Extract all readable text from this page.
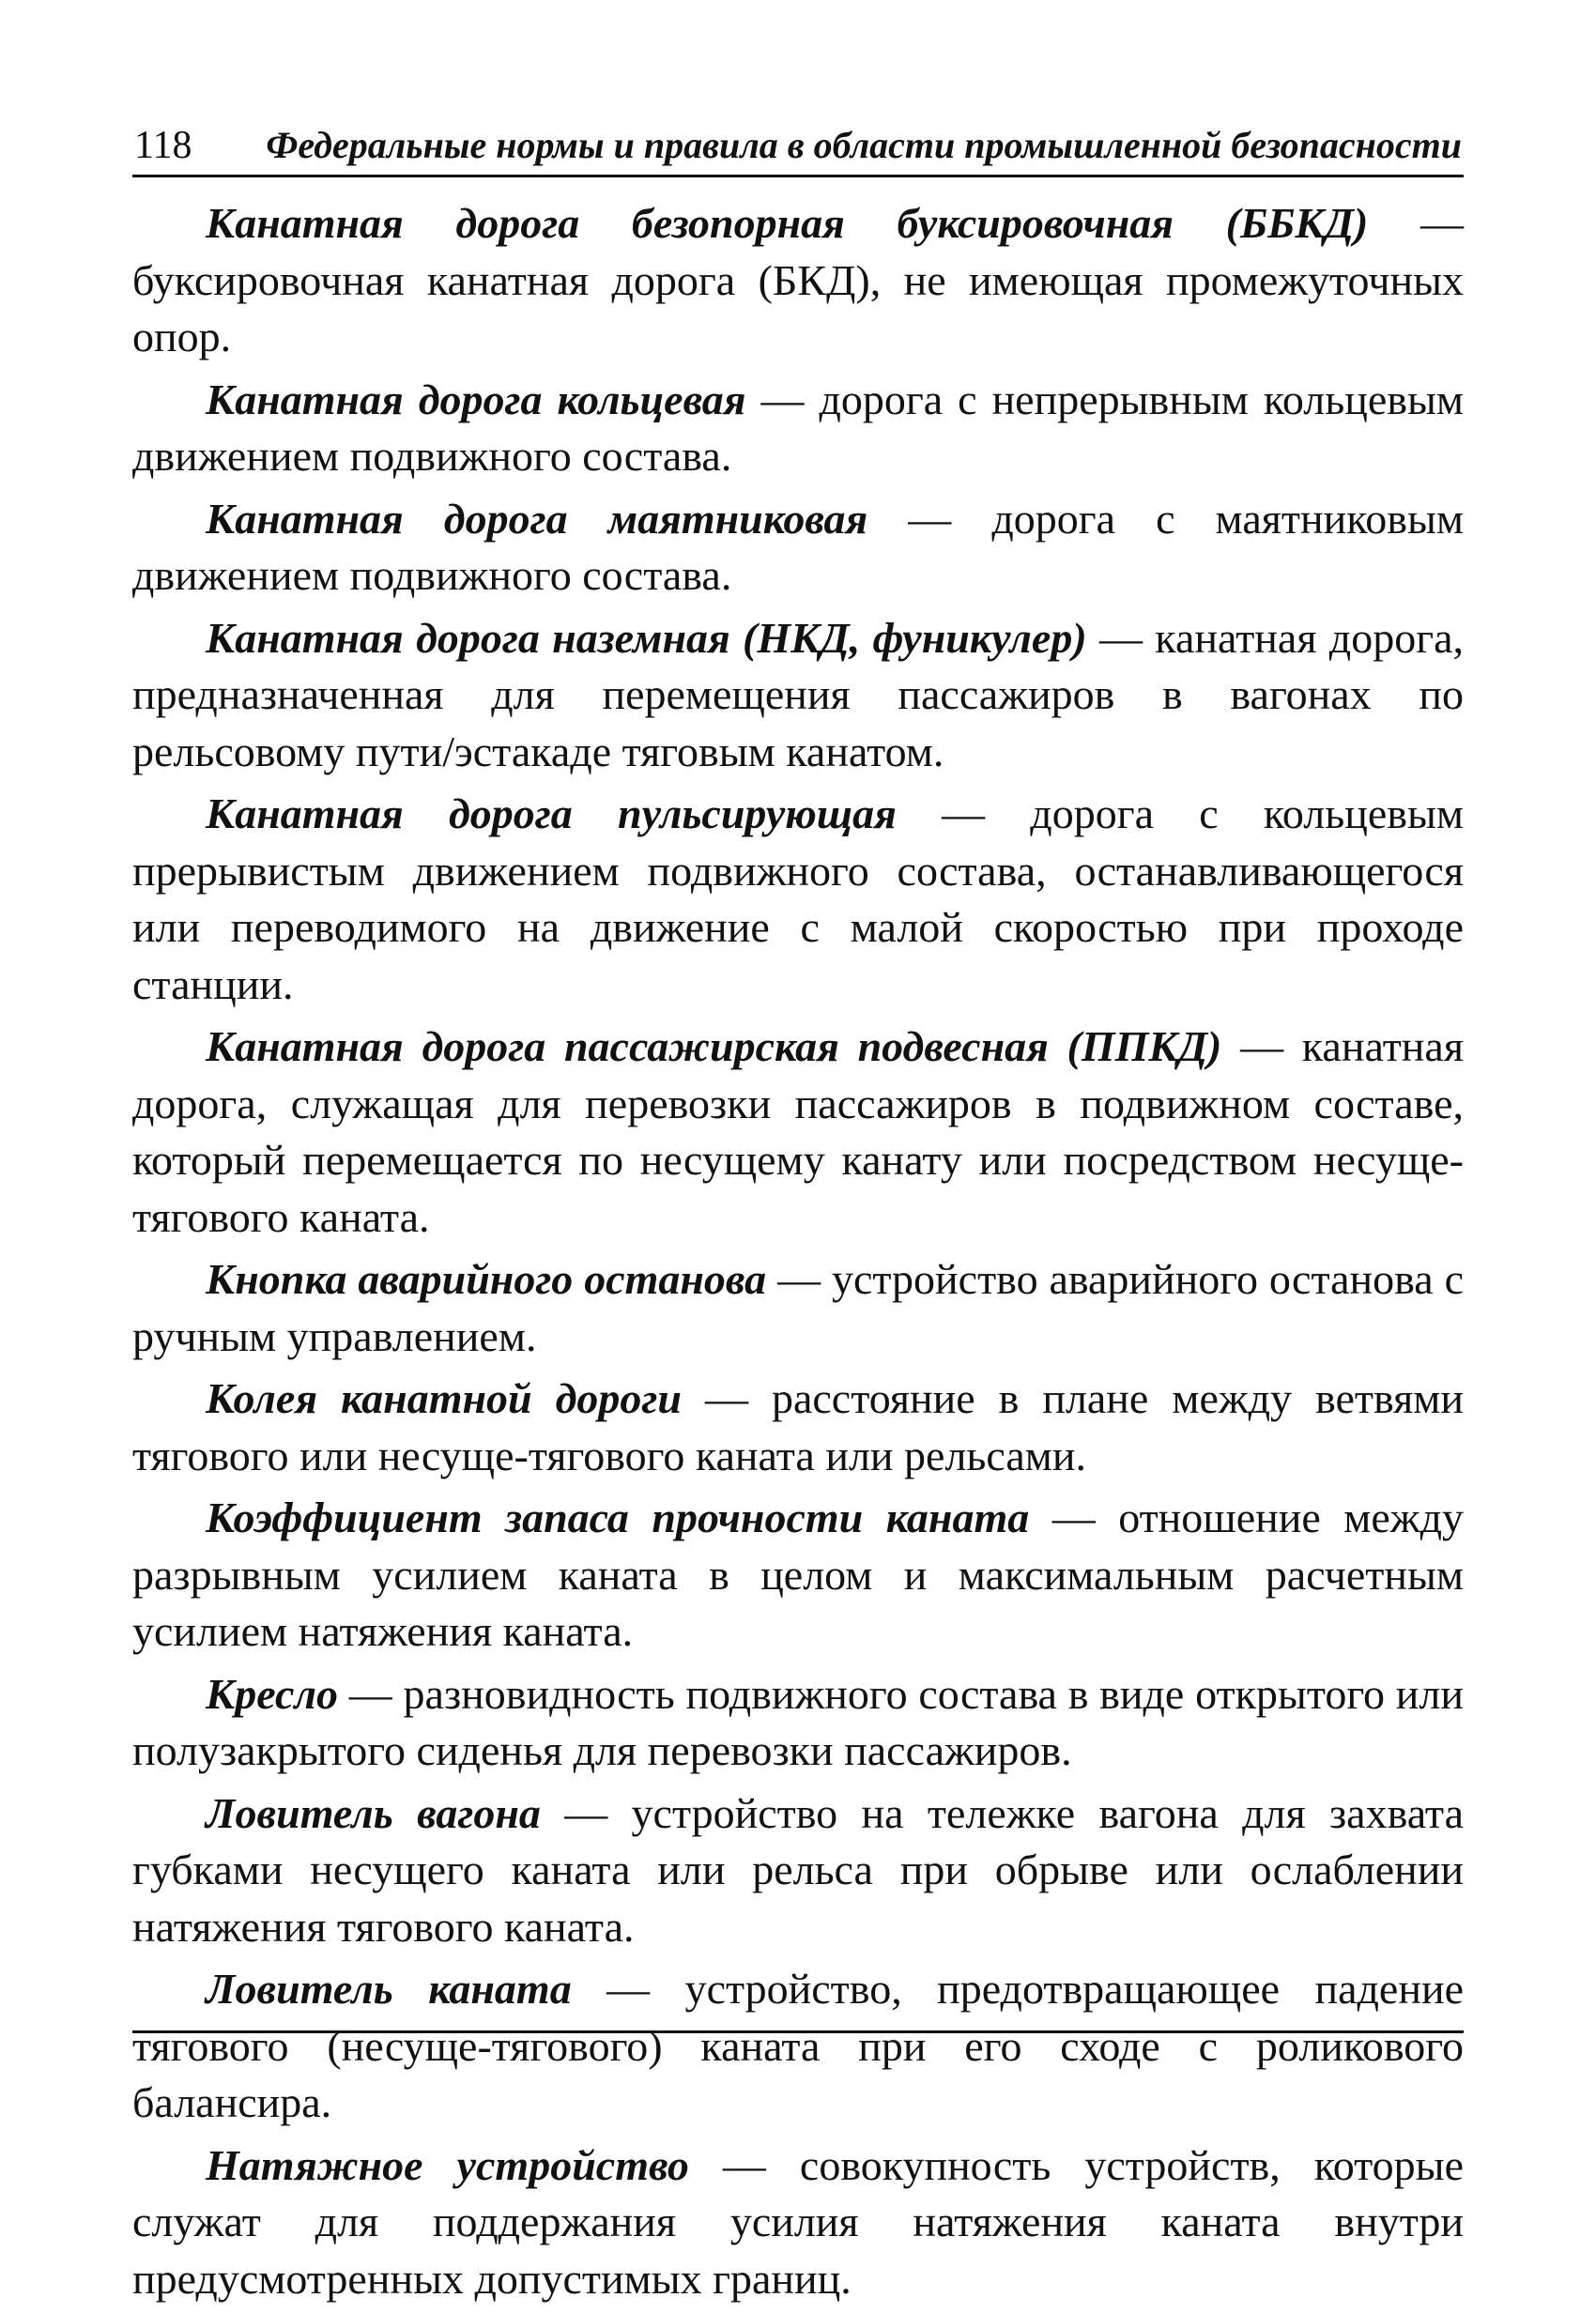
118 Федеральные нормы и правила в области промышленной безопасности

Канатная дорога безопорная буксировочная (ББКД) — буксировочная канатная дорога (БКД), не имеющая промежуточных опор.

Канатная дорога кольцевая — дорога с непрерывным кольцевым движением подвижного состава.

Канатная дорога маятниковая — дорога с маятниковым движением подвижного состава.

Канатная дорога наземная (НКД, фуникулер) — канатная дорога, предназначенная для перемещения пассажиров в вагонах по рельсовому пути/эстакаде тяговым канатом.

Канатная дорога пульсирующая — дорога с кольцевым прерывистым движением подвижного состава, останавливающегося или переводимого на движение с малой скоростью при проходе станции.

Канатная дорога пассажирская подвесная (ППКД) — канатная дорога, служащая для перевозки пассажиров в подвижном составе, который перемещается по несущему канату или посредством несуще-тягового каната.

Кнопка аварийного останова — устройство аварийного останова с ручным управлением.

Колея канатной дороги — расстояние в плане между ветвями тягового или несуще-тягового каната или рельсами.

Коэффициент запаса прочности каната — отношение между разрывным усилием каната в целом и максимальным расчетным усилием натяжения каната.

Кресло — разновидность подвижного состава в виде открытого или полузакрытого сиденья для перевозки пассажиров.

Ловитель вагона — устройство на тележке вагона для захвата губками несущего каната или рельса при обрыве или ослаблении натяжения тягового каната.

Ловитель каната — устройство, предотвращающее падение тягового (несуще-тягового) каната при его сходе с роликового балансира.

Натяжное устройство — совокупность устройств, которые служат для поддержания усилия натяжения каната внутри предусмотренных допустимых границ.
